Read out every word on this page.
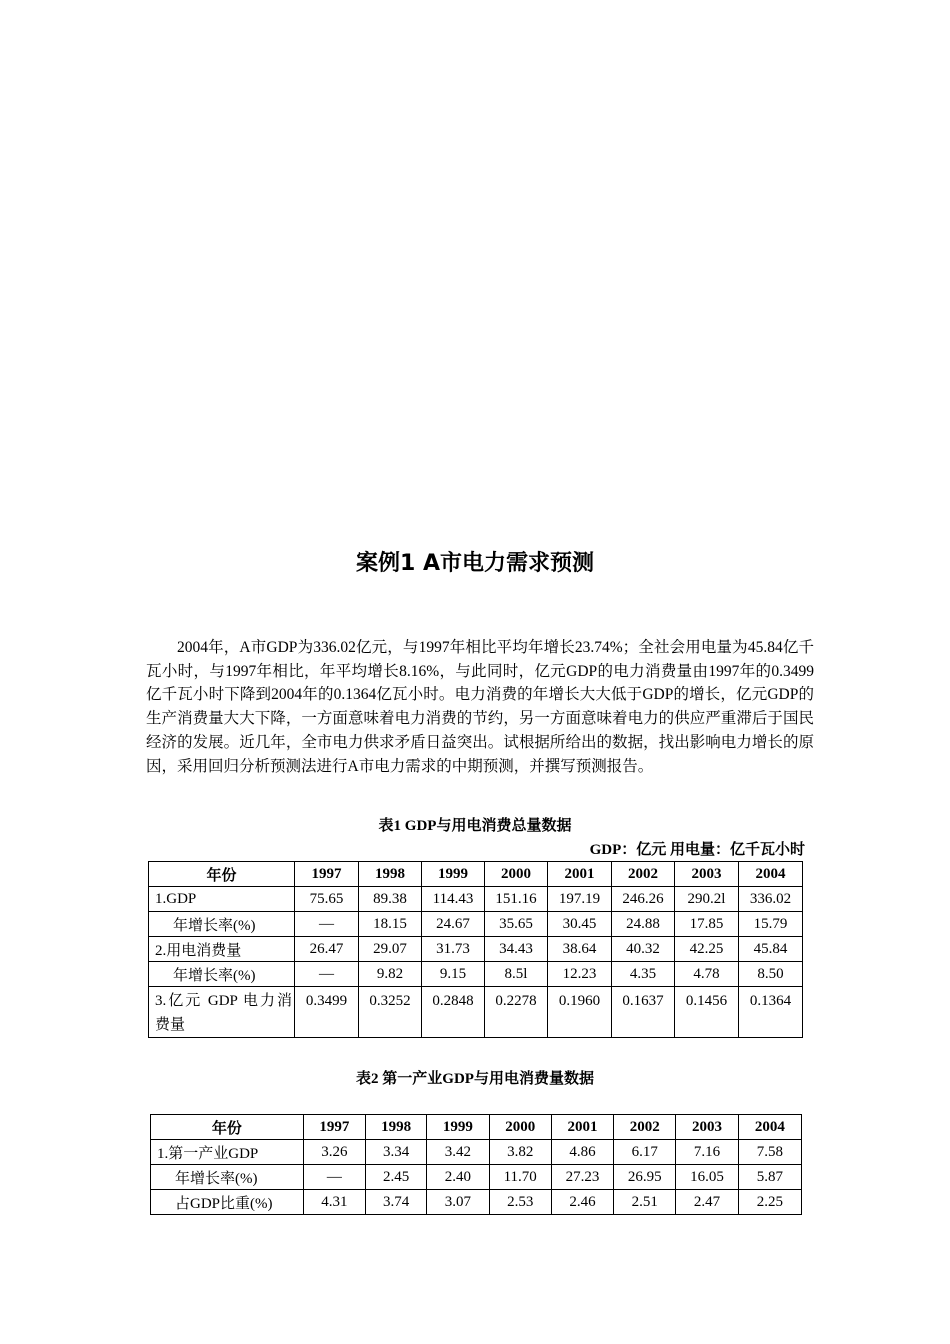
案例1 A市电力需求预测

2004年，A市GDP为336.02亿元，与1997年相比平均年增长23.74%；全社会用电量为45.84亿千瓦小时，与1997年相比，年平均增长8.16%，与此同时，亿元GDP的电力消费量由1997年的0.3499亿千瓦小时下降到2004年的0.1364亿瓦小时。电力消费的年增长大大低于GDP的增长，亿元GDP的生产消费量大大下降，一方面意味着电力消费的节约，另一方面意味着电力的供应严重滞后于国民经济的发展。近几年，全市电力供求矛盾日益突出。试根据所给出的数据，找出影响电力增长的原因，采用回归分析预测法进行A市电力需求的中期预测，并撰写预测报告。

表1 GDP与用电消费总量数据
GDP：亿元 用电量：亿千瓦小时
年份	1997	1998	1999	2000	2001	2002	2003	2004
1.GDP	75.65	89.38	114.43	151.16	197.19	246.26	290.2l	336.02
年增长率(%)	—	18.15	24.67	35.65	30.45	24.88	17.85	15.79
2.用电消费量	26.47	29.07	31.73	34.43	38.64	40.32	42.25	45.84
年增长率(%)	—	9.82	9.15	8.5l	12.23	4.35	4.78	8.50
3.亿元 GDP 电力消费量	0.3499	0.3252	0.2848	0.2278	0.1960	0.1637	0.1456	0.1364
表2 第一产业GDP与用电消费量数据
年份	1997	1998	1999	2000	2001	2002	2003	2004
1.第一产业GDP	3.26	3.34	3.42	3.82	4.86	6.17	7.16	7.58
年增长率(%)	—	2.45	2.40	11.70	27.23	26.95	16.05	5.87
占GDP比重(%)	4.31	3.74	3.07	2.53	2.46	2.51	2.47	2.25
